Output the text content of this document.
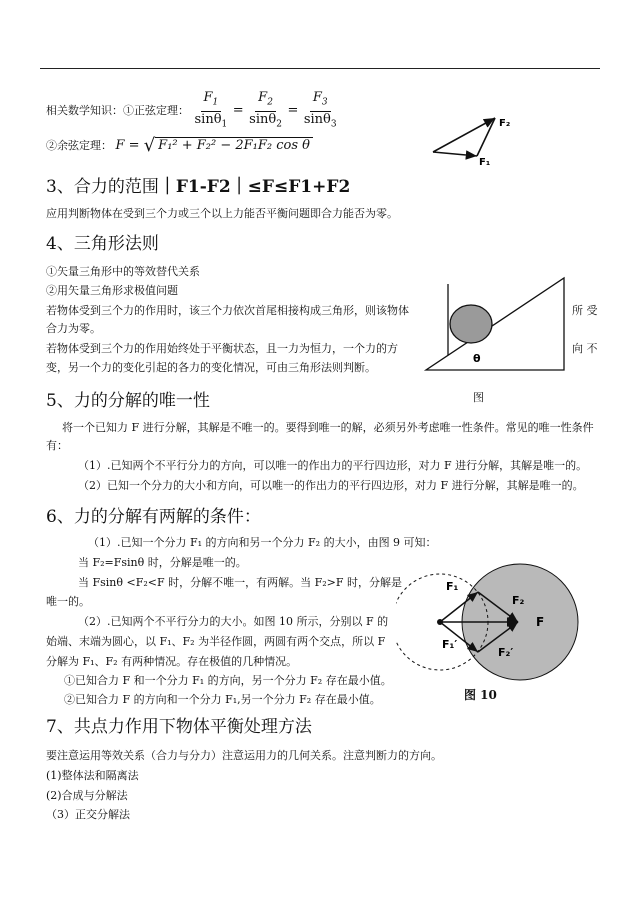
相关数学知识：①正弦定理： $\frac{F_1}{\sin\theta_1} = \frac{F_2}{\sin\theta_2} = \frac{F_3}{\sin\theta_3}$
②余弦定理： F = √ F₁² + F₂² − 2F₁F₂ cos θ
F₂
F₁
3、合力的范围｜F1-F2｜≤F≤F1+F2
应用判断物体在受到三个力或三个以上力能否平衡问题即合力能否为零。
4、三角形法则
①矢量三角形中的等效替代关系
②用矢量三角形求极值问题
若物体受到三个力的作用时，该三个力依次首尾相接构成三角形，则该物体
合力为零。
若物体受到三个力的作用始终处于平衡状态，且一力为恒力，一个力的方
变，另一个力的变化引起的各力的变化情况，可由三角形法则判断。
所 受
向 不
θ
图
5、力的分解的唯一性
将一个已知力 F 进行分解，其解是不唯一的。要得到唯一的解，必须另外考虑唯一性条件。常见的唯一性条件
有：
（1）.已知两个不平行分力的方向，可以唯一的作出力的平行四边形，对力 F 进行分解，其解是唯一的。
（2）已知一个分力的大小和方向，可以唯一的作出力的平行四边形，对力 F 进行分解，其解是唯一的。
6、力的分解有两解的条件：
（1）.已知一个分力 F₁ 的方向和另一个分力 F₂ 的大小，由图 9 可知：
当 F₂=Fsinθ 时，分解是唯一的。
当 Fsinθ <F₂<F 时，分解不唯一，有两解。当 F₂>F 时，分解是
唯一的。
（2）.已知两个不平行分力的大小。如图 10 所示，分别以 F 的
始端、末端为圆心，以 F₁、F₂ 为半径作圆，两圆有两个交点，所以 F
分解为 F₁、F₂ 有两种情况。存在极值的几种情况。
①已知合力 F 和一个分力 F₁ 的方向，另一个分力 F₂ 存在最小值。
②已知合力 F 的方向和一个分力 F₁,另一个分力 F₂ 存在最小值。
F₁
F₂
F
F₁′
F₂′
图 10
7、共点力作用下物体平衡处理方法
要注意运用等效关系（合力与分力）注意运用力的几何关系。注意判断力的方向。
(1)整体法和隔离法
(2)合成与分解法
（3）正交分解法
